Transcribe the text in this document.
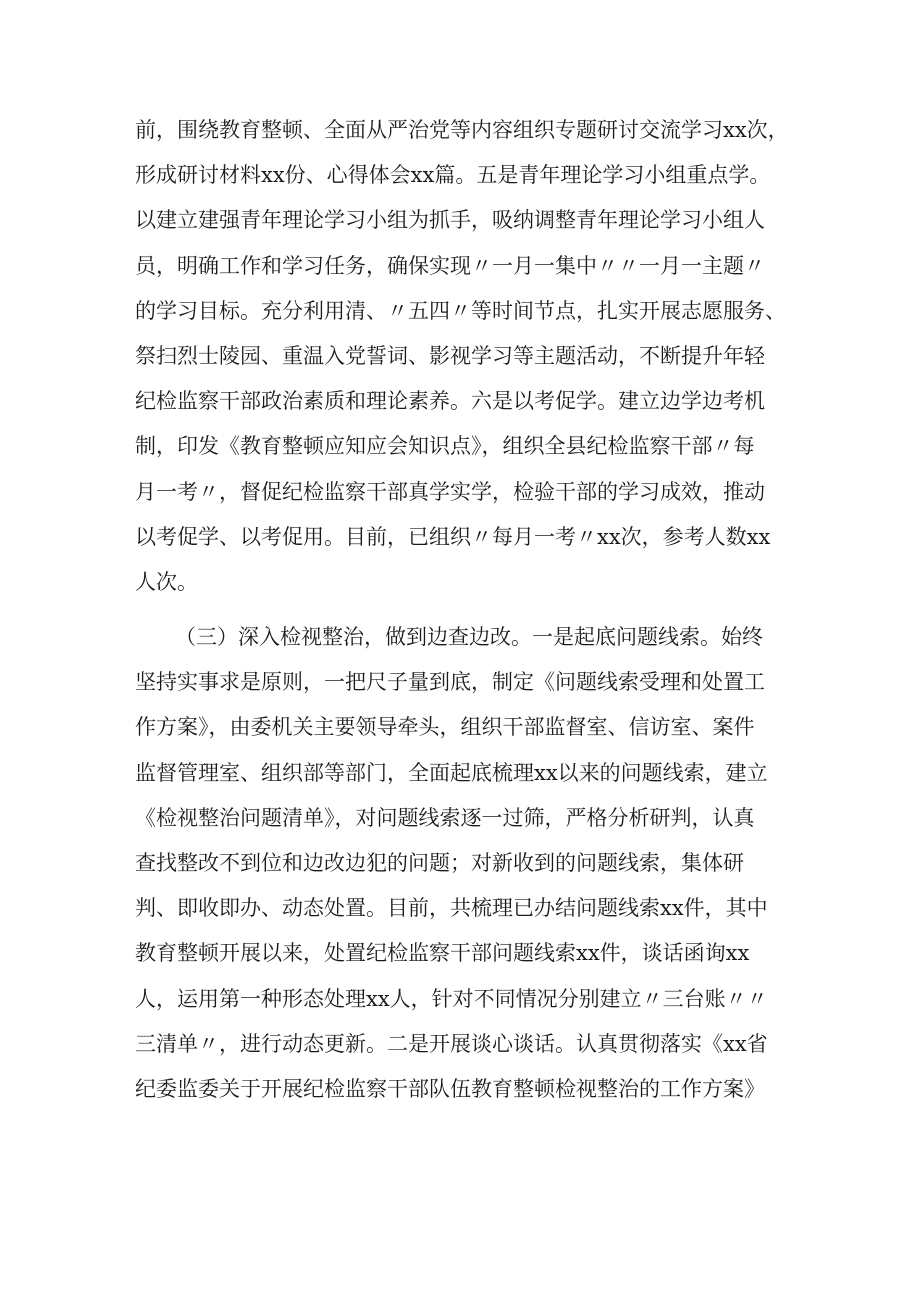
前，围绕教育整顿、全面从严治党等内容组织专题研讨交流学习xx次，
形成研讨材料xx份、心得体会xx篇。五是青年理论学习小组重点学。
以建立建强青年理论学习小组为抓手，吸纳调整青年理论学习小组人
员，明确工作和学习任务，确保实现〃一月一集中〃〃一月一主题〃
的学习目标。充分利用清、〃五四〃等时间节点，扎实开展志愿服务、
祭扫烈士陵园、重温入党誓词、影视学习等主题活动，不断提升年轻
纪检监察干部政治素质和理论素养。六是以考促学。建立边学边考机
制，印发《教育整顿应知应会知识点》，组织全县纪检监察干部〃每
月一考〃，督促纪检监察干部真学实学，检验干部的学习成效，推动
以考促学、以考促用。目前，已组织〃每月一考〃xx次，参考人数xx
人次。
（三）深入检视整治，做到边查边改。一是起底问题线索。始终
坚持实事求是原则，一把尺子量到底，制定《问题线索受理和处置工
作方案》，由委机关主要领导牵头，组织干部监督室、信访室、案件
监督管理室、组织部等部门，全面起底梳理xx以来的问题线索，建立
《检视整治问题清单》，对问题线索逐一过筛，严格分析研判，认真
查找整改不到位和边改边犯的问题；对新收到的问题线索，集体研
判、即收即办、动态处置。目前，共梳理已办结问题线索xx件，其中
教育整顿开展以来，处置纪检监察干部问题线索xx件，谈话函询xx
人，运用第一种形态处理xx人，针对不同情况分别建立〃三台账〃〃
三清单〃，进行动态更新。二是开展谈心谈话。认真贯彻落实《xx省
纪委监委关于开展纪检监察干部队伍教育整顿检视整治的工作方案》
